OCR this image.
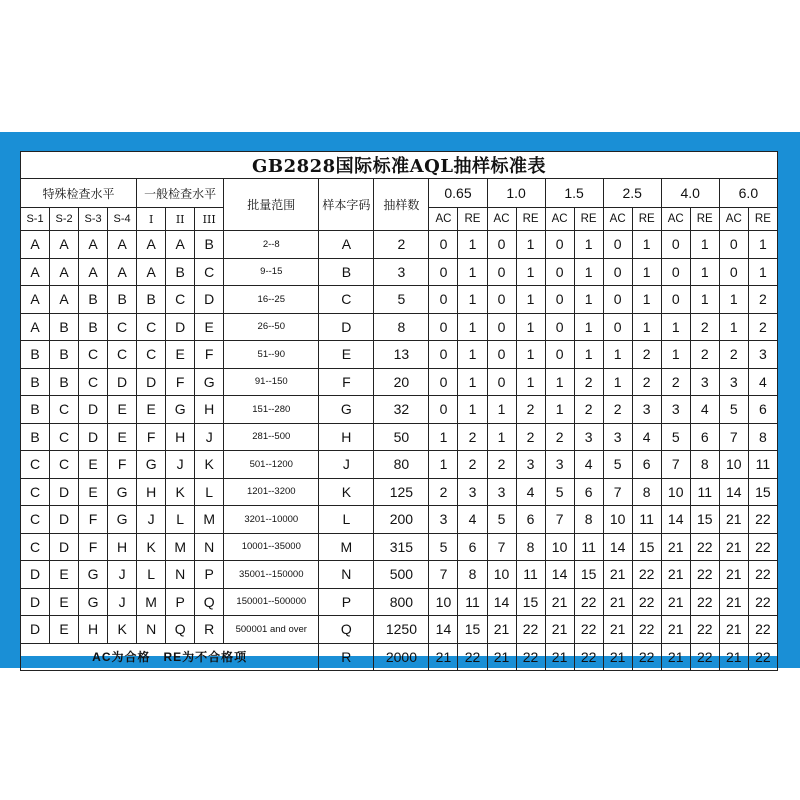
GB2828国际标准AQL抽样标准表																					
特殊检查水平				一般检查水平			批量范围	样本字码	抽样数	0.65		1.0		1.5		2.5		4.0		6.0	
S-1	S-2	S-3	S-4	I	II	III				AC	RE	AC	RE	AC	RE	AC	RE	AC	RE	AC	RE
A	A	A	A	A	A	B	2--8	A	2	0	1	0	1	0	1	0	1	0	1	0	1
A	A	A	A	A	B	C	9--15	B	3	0	1	0	1	0	1	0	1	0	1	0	1
A	A	B	B	B	C	D	16--25	C	5	0	1	0	1	0	1	0	1	0	1	1	2
A	B	B	C	C	D	E	26--50	D	8	0	1	0	1	0	1	0	1	1	2	1	2
B	B	C	C	C	E	F	51--90	E	13	0	1	0	1	0	1	1	2	1	2	2	3
B	B	C	D	D	F	G	91--150	F	20	0	1	0	1	1	2	1	2	2	3	3	4
B	C	D	E	E	G	H	151--280	G	32	0	1	1	2	1	2	2	3	3	4	5	6
B	C	D	E	F	H	J	281--500	H	50	1	2	1	2	2	3	3	4	5	6	7	8
C	C	E	F	G	J	K	501--1200	J	80	1	2	2	3	3	4	5	6	7	8	10	11
C	D	E	G	H	K	L	1201--3200	K	125	2	3	3	4	5	6	7	8	10	11	14	15
C	D	F	G	J	L	M	3201--10000	L	200	3	4	5	6	7	8	10	11	14	15	21	22
C	D	F	H	K	M	N	10001--35000	M	315	5	6	7	8	10	11	14	15	21	22	21	22
D	E	G	J	L	N	P	35001--150000	N	500	7	8	10	11	14	15	21	22	21	22	21	22
D	E	G	J	M	P	Q	150001--500000	P	800	10	11	14	15	21	22	21	22	21	22	21	22
D	E	H	K	N	Q	R	500001 and over	Q	1250	14	15	21	22	21	22	21	22	21	22	21	22
AC为合格　RE为不合格项								R	2000	21	22	21	22	21	22	21	22	21	22	21	22
